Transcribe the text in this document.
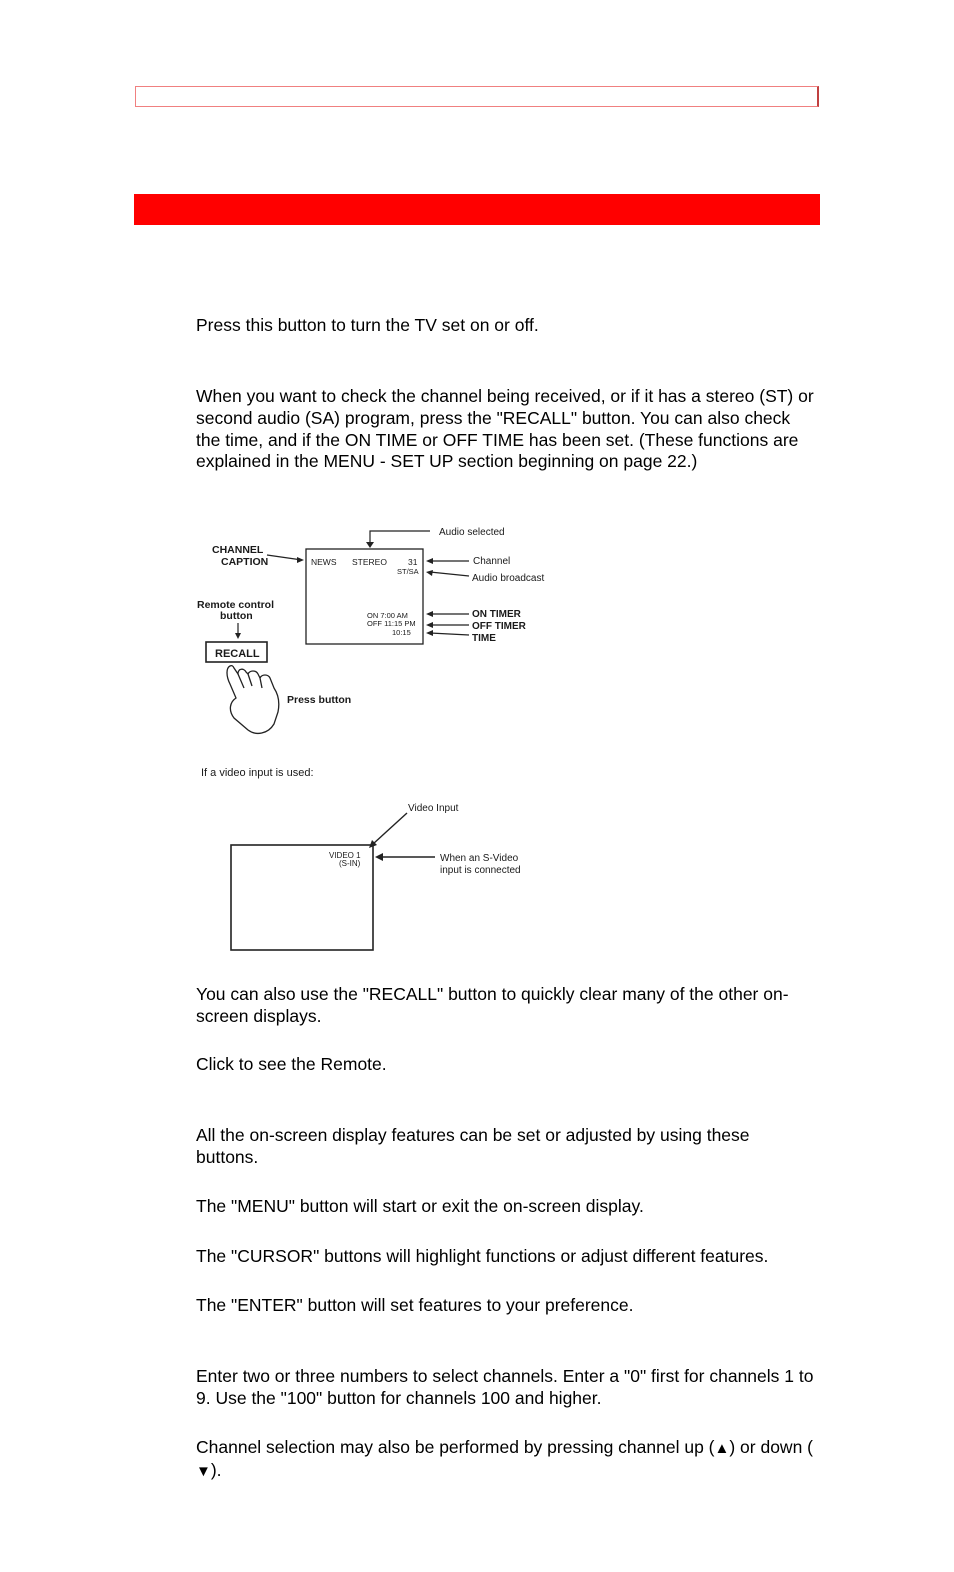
Press this button to turn the TV set on or off.

When you want to check the channel being received, or if it has a stereo (ST) or second audio (SA) program, press the "RECALL" button. You can also check the time, and if the ON TIME or OFF TIME has been set. (These functions are explained in the MENU - SET UP section beginning on page 22.)

Audio selected
CHANNEL
CAPTION	NEWS STEREO 31
ST/SA
ON 7:00 AM
OFF 11:15 PM
10:15
Channel
Audio broadcast
ON TIMER
OFF TIMER
TIME
Remote control
button
RECALL
Press button
If a video input is used:
Video Input
VIDEO 1
(S-IN)	When an S-Video
input is connected

You can also use the "RECALL" button to quickly clear many of the other on-screen displays.

Click to see the Remote.

All the on-screen display features can be set or adjusted by using these buttons.

The "MENU" button will start or exit the on-screen display.

The "CURSOR" buttons will highlight functions or adjust different features.

The "ENTER" button will set features to your preference.

Enter two or three numbers to select channels. Enter a "0" first for channels 1 to 9. Use the "100" button for channels 100 and higher.

Channel selection may also be performed by pressing channel up (▲) or down (▼).
